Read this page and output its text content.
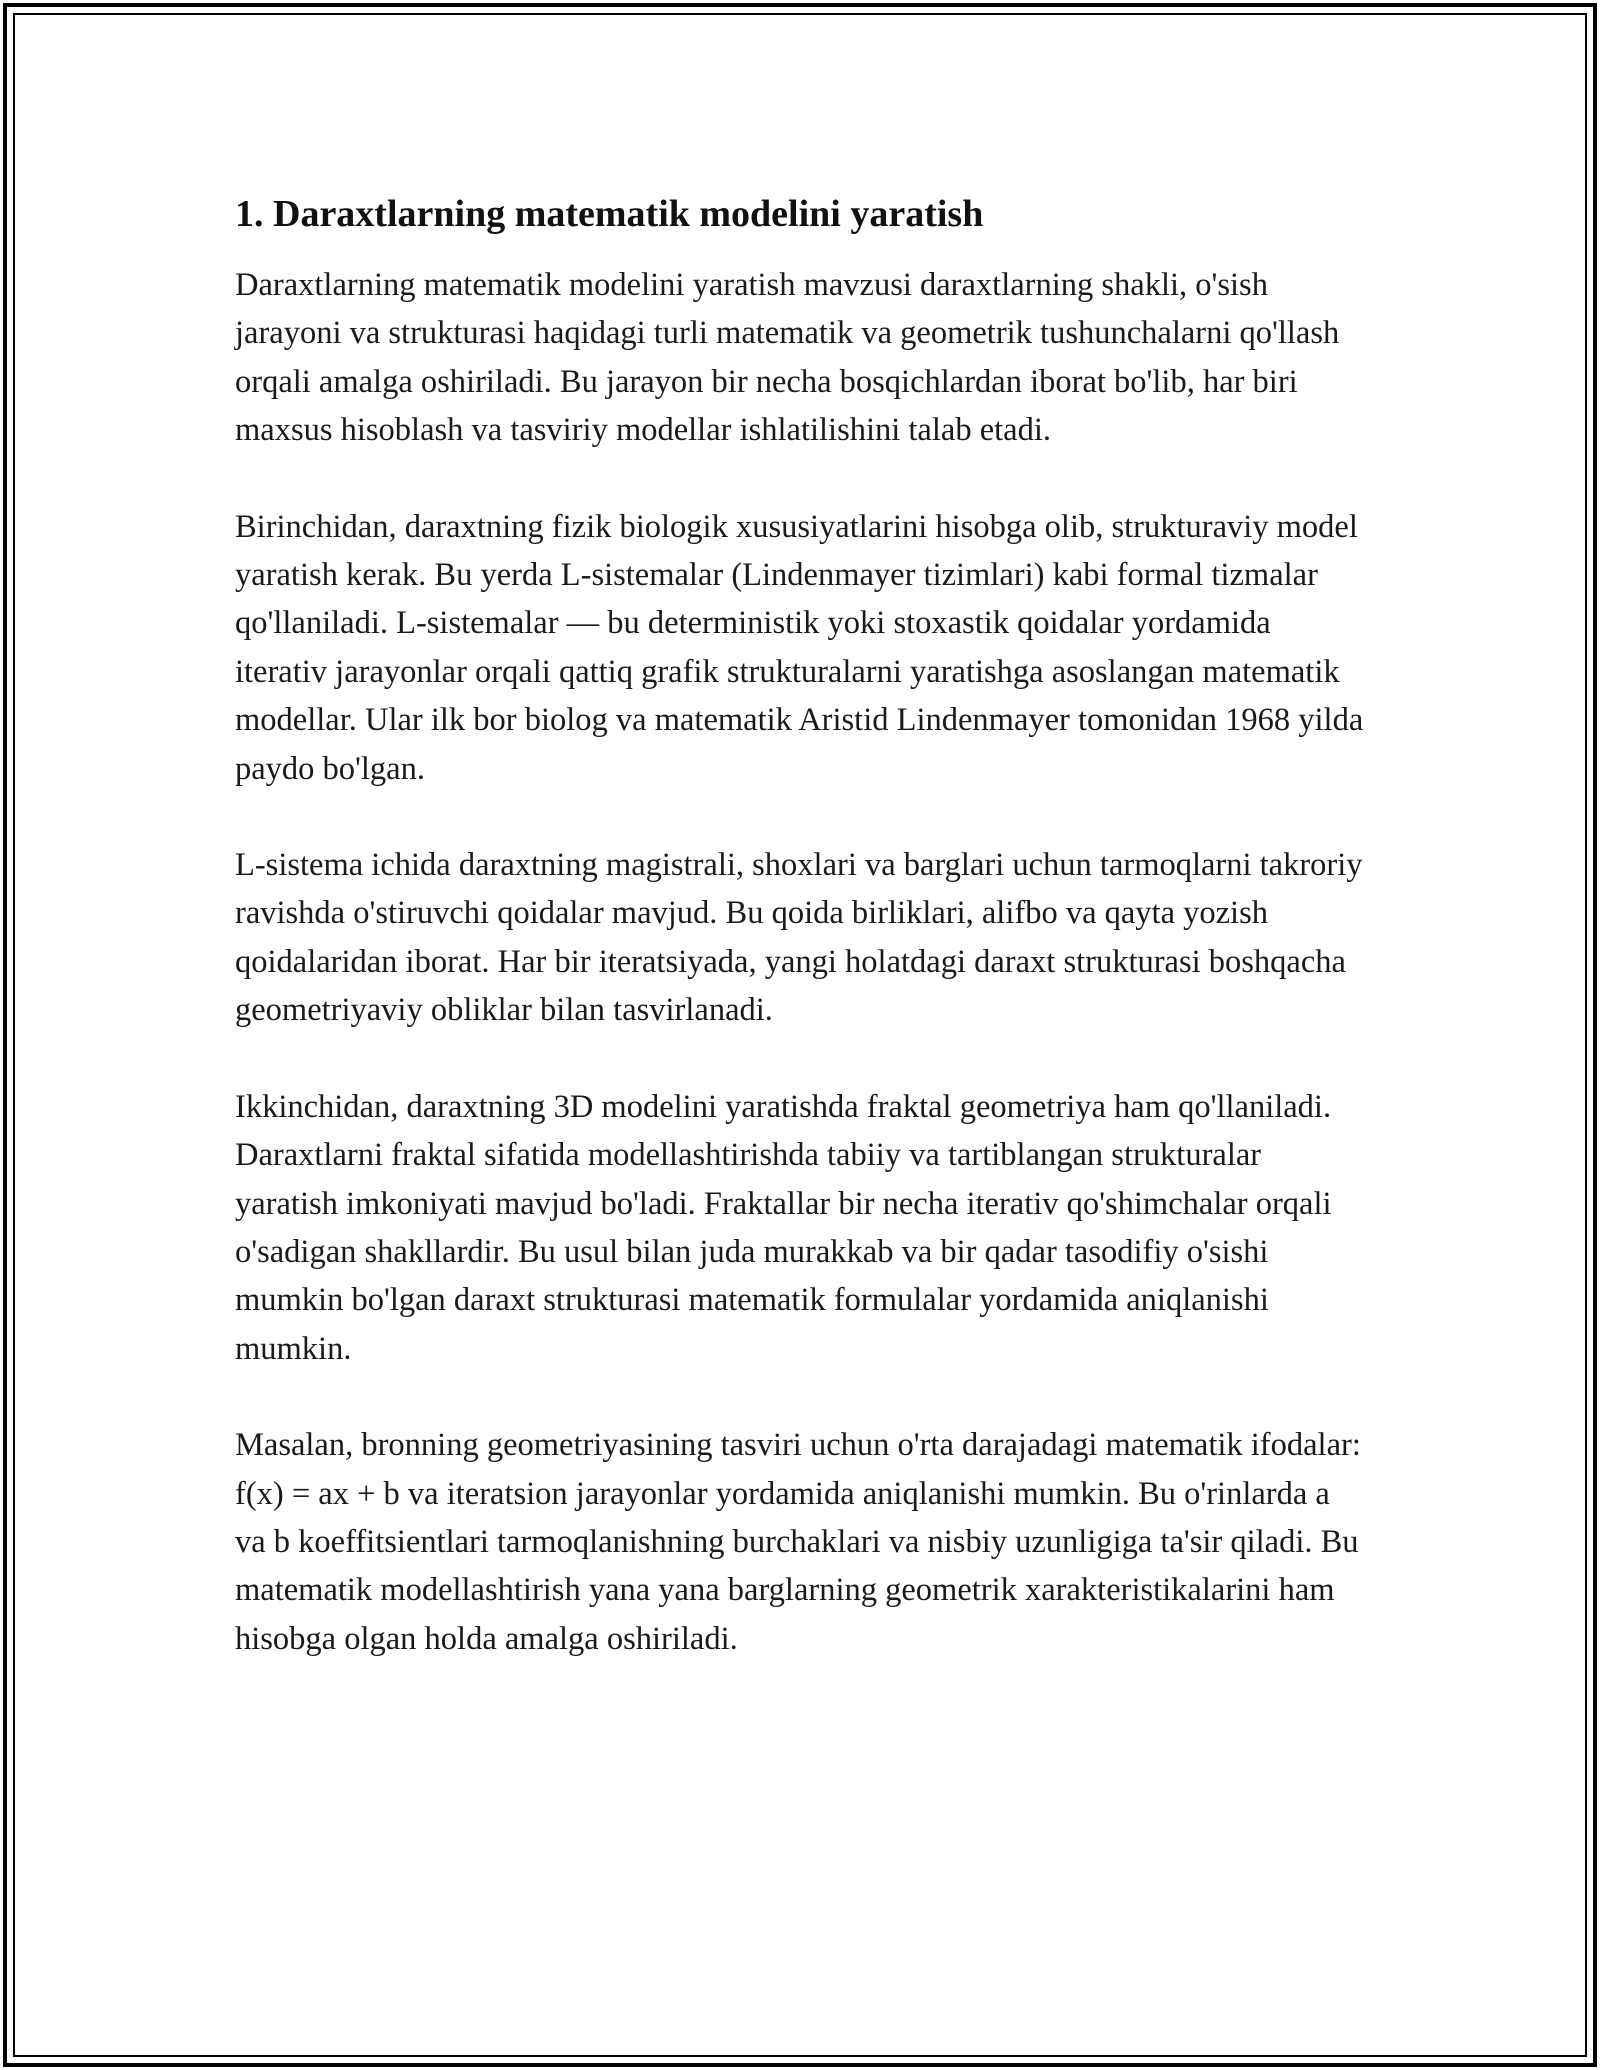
1. Daraxtlarning matematik modelini yaratish

Daraxtlarning matematik modelini yaratish mavzusi daraxtlarning shakli, o'sish jarayoni va strukturasi haqidagi turli matematik va geometrik tushunchalarni qo'llash orqali amalga oshiriladi. Bu jarayon bir necha bosqichlardan iborat bo'lib, har biri maxsus hisoblash va tasviriy modellar ishlatilishini talab etadi.

Birinchidan, daraxtning fizik biologik xususiyatlarini hisobga olib, strukturaviy model yaratish kerak. Bu yerda L-sistemalar (Lindenmayer tizimlari) kabi formal tizmalar qo'llaniladi. L-sistemalar — bu deterministik yoki stoxastik qoidalar yordamida iterativ jarayonlar orqali qattiq grafik strukturalarni yaratishga asoslangan matematik modellar. Ular ilk bor biolog va matematik Aristid Lindenmayer tomonidan 1968 yilda paydo bo'lgan.

L-sistema ichida daraxtning magistrali, shoxlari va barglari uchun tarmoqlarni takroriy ravishda o'stiruvchi qoidalar mavjud. Bu qoida birliklari, alifbo va qayta yozish qoidalaridan iborat. Har bir iteratsiyada, yangi holatdagi daraxt strukturasi boshqacha geometriyaviy obliklar bilan tasvirlanadi.

Ikkinchidan, daraxtning 3D modelini yaratishda fraktal geometriya ham qo'llaniladi. Daraxtlarni fraktal sifatida modellashtirishda tabiiy va tartiblangan strukturalar yaratish imkoniyati mavjud bo'ladi. Fraktallar bir necha iterativ qo'shimchalar orqali o'sadigan shakllardir. Bu usul bilan juda murakkab va bir qadar tasodifiy o'sishi mumkin bo'lgan daraxt strukturasi matematik formulalar yordamida aniqlanishi mumkin.

Masalan, bronning geometriyasining tasviri uchun o'rta darajadagi matematik ifodalar: f(x) = ax + b va iteratsion jarayonlar yordamida aniqlanishi mumkin. Bu o'rinlarda a va b koeffitsientlari tarmoqlanishning burchaklari va nisbiy uzunligiga ta'sir qiladi. Bu matematik modellashtirish yana yana barglarning geometrik xarakteristikalarini ham hisobga olgan holda amalga oshiriladi.
